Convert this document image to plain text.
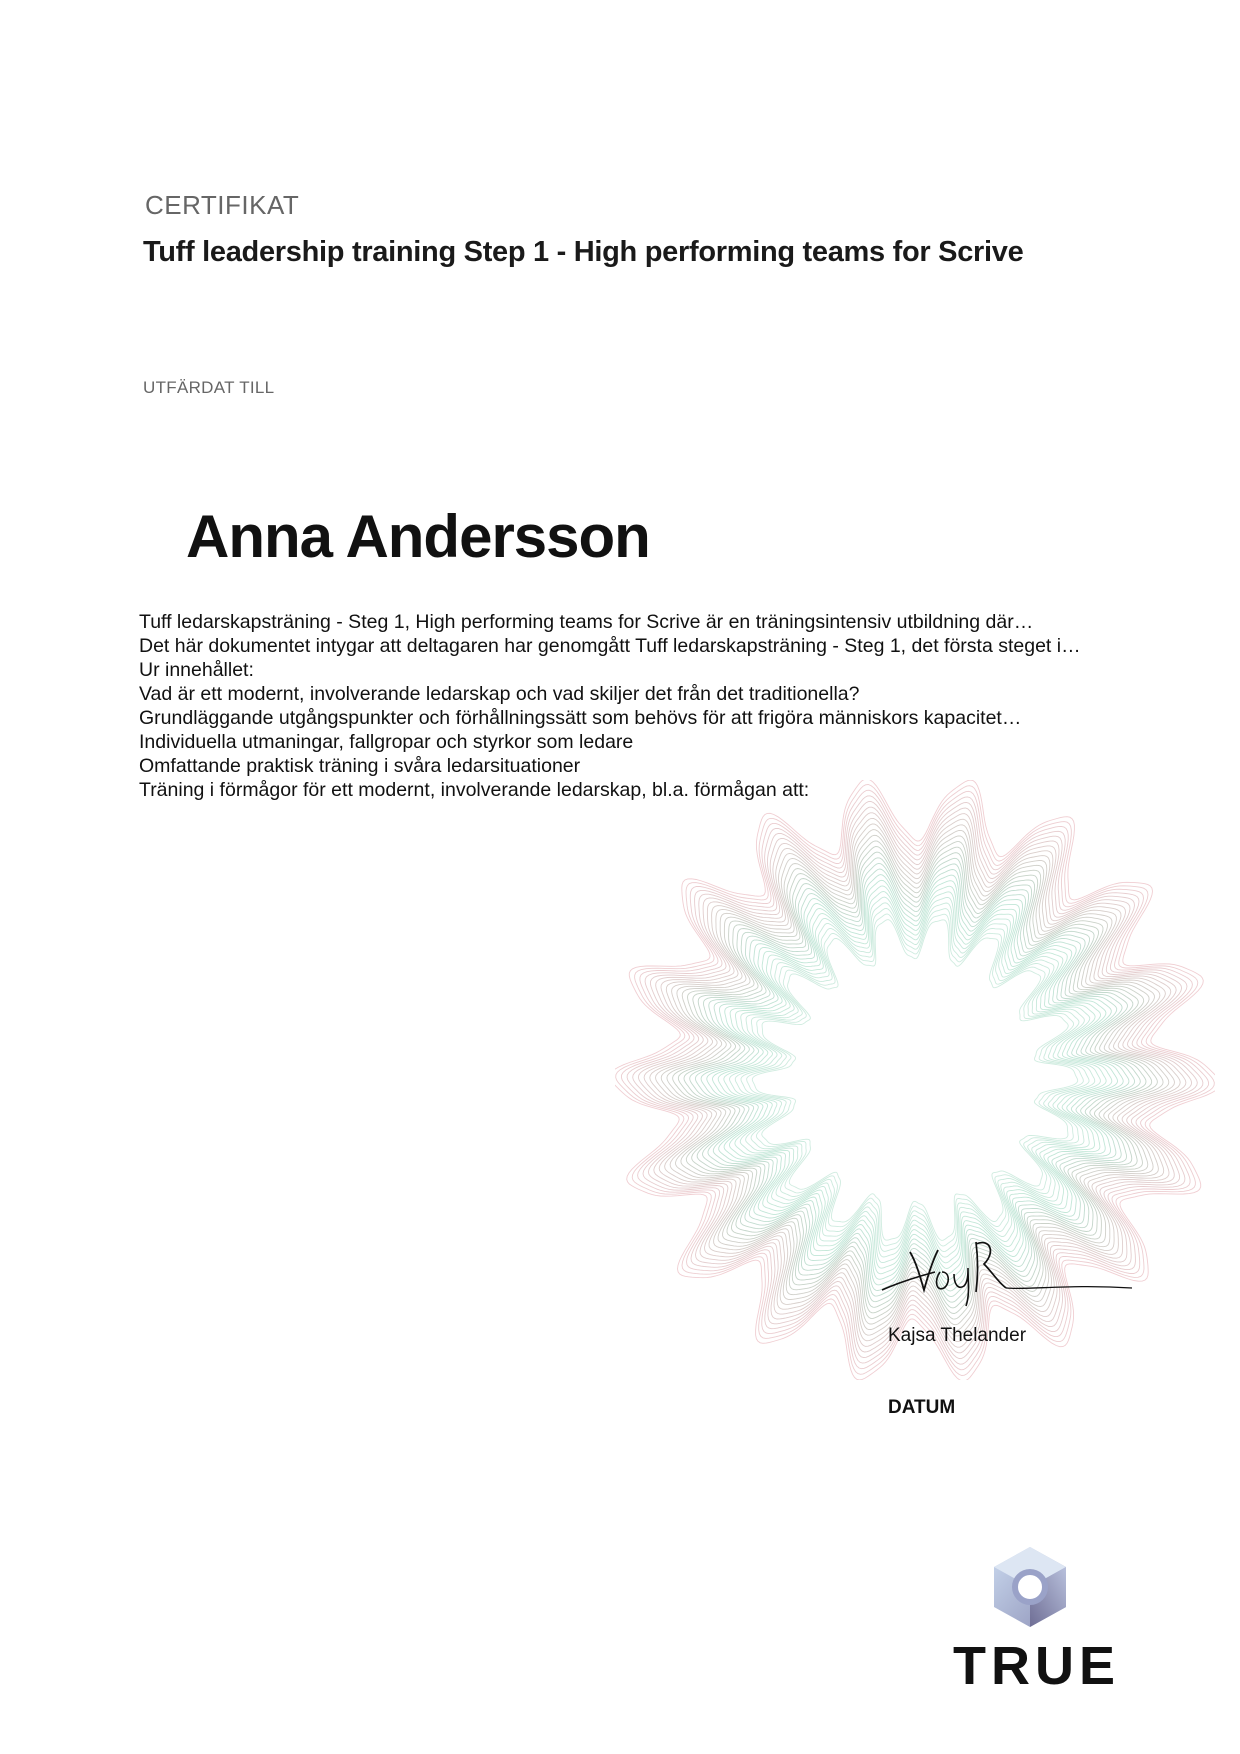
CERTIFIKAT
Tuff leadership training Step 1 - High performing teams for Scrive
UTFÄRDAT TILL
Anna Andersson
Tuff ledarskapsträning - Steg 1, High performing teams for Scrive är en träningsintensiv utbildning där…
Det här dokumentet intygar att deltagaren har genomgått Tuff ledarskapsträning - Steg 1, det första steget i…
Ur innehållet:
Vad är ett modernt, involverande ledarskap och vad skiljer det från det traditionella?
Grundläggande utgångspunkter och förhållningssätt som behövs för att frigöra människors kapacitet…
Individuella utmaningar, fallgropar och styrkor som ledare
Omfattande praktisk träning i svåra ledarsituationer
Träning i förmågor för ett modernt, involverande ledarskap, bl.a. förmågan att:
Kajsa Thelander
DATUM
TRUE
